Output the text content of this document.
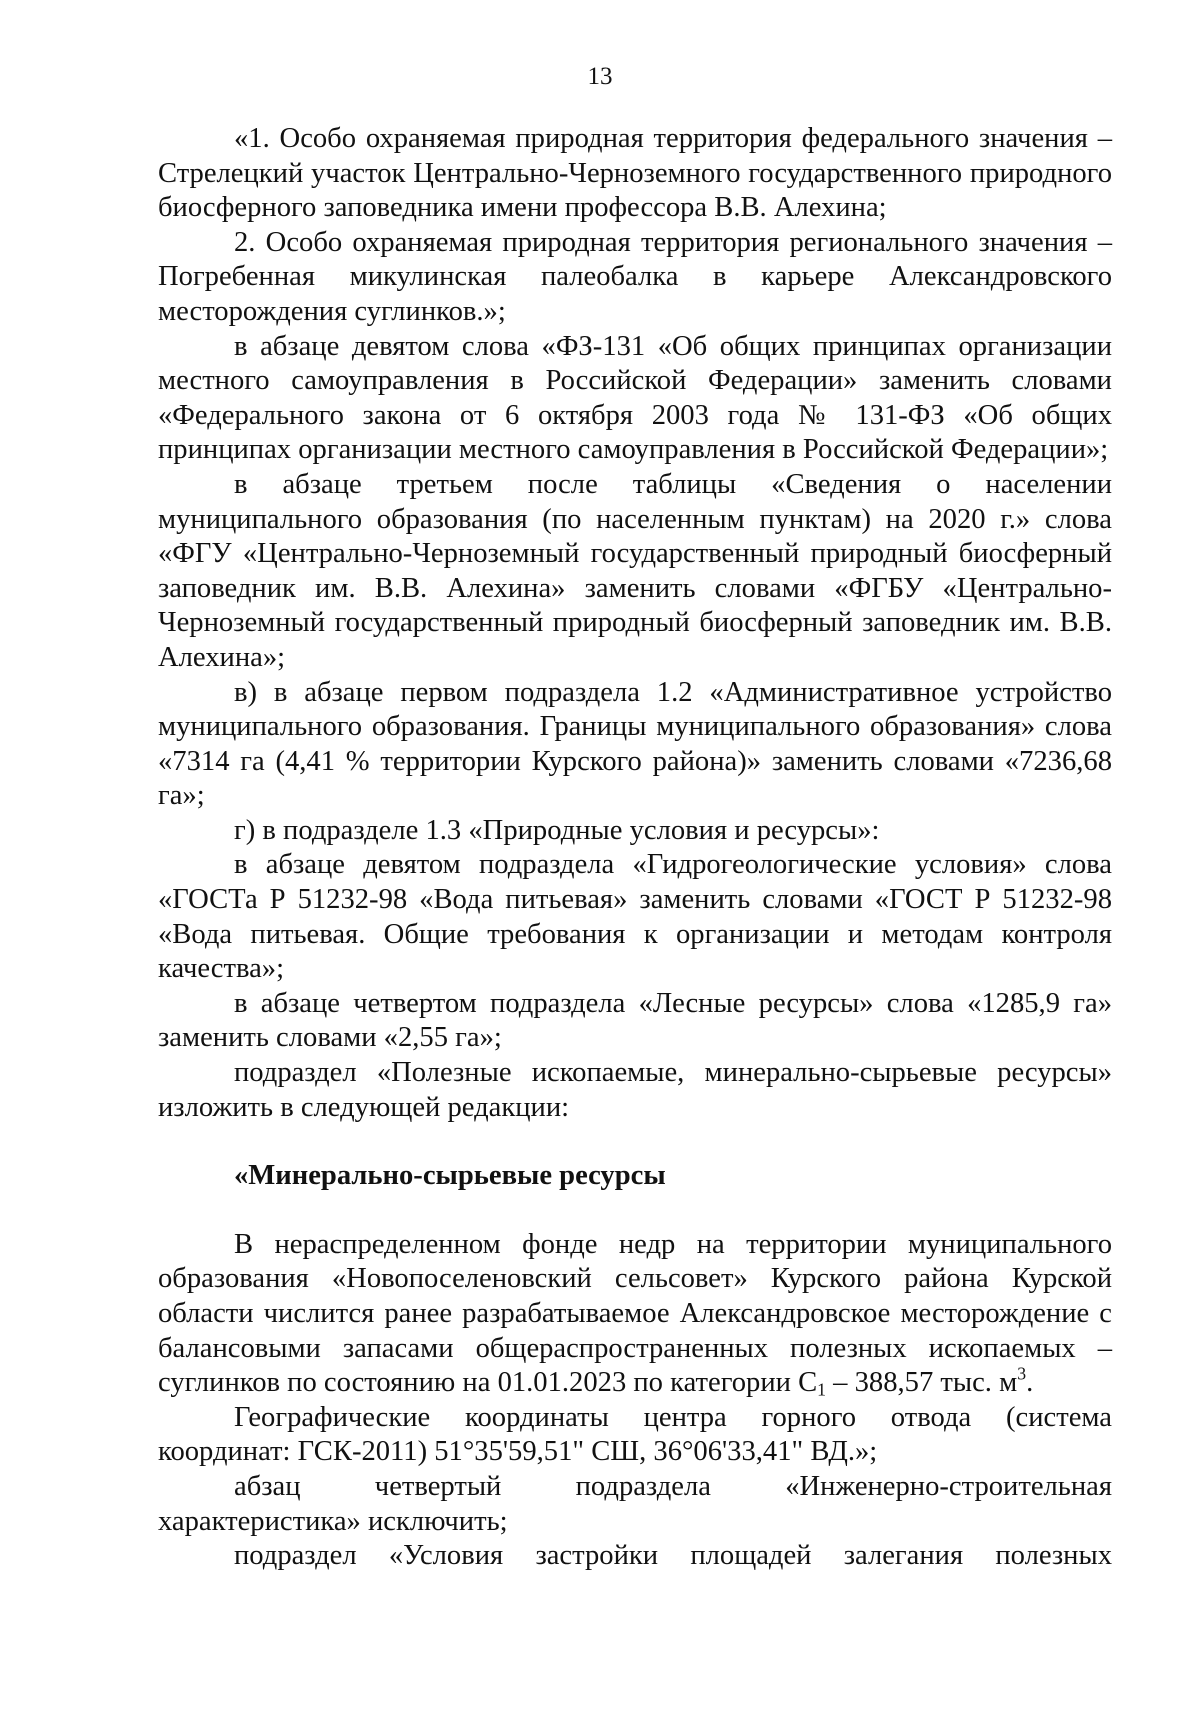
13

«1. Особо охраняемая природная территория федерального значения – Стрелецкий участок Центрально-Черноземного государственного природного биосферного заповедника имени профессора В.В. Алехина;

2. Особо охраняемая природная территория регионального значения – Погребенная микулинская палеобалка в карьере Александровского месторождения суглинков.»;

в абзаце девятом слова «ФЗ-131 «Об общих принципах организации местного самоуправления в Российской Федерации» заменить словами «Федерального закона от 6 октября 2003 года № 131-ФЗ «Об общих принципах организации местного самоуправления в Российской Федерации»;

в абзаце третьем после таблицы «Сведения о населении муниципального образования (по населенным пунктам) на 2020 г.» слова «ФГУ «Центрально-Черноземный государственный природный биосферный заповедник им. В.В. Алехина» заменить словами «ФГБУ «Центрально-Черноземный государственный природный биосферный заповедник им. В.В. Алехина»;

в) в абзаце первом подраздела 1.2 «Административное устройство муниципального образования. Границы муниципального образования» слова «7314 га (4,41 % территории Курского района)» заменить словами «7236,68 га»;

г) в подразделе 1.3 «Природные условия и ресурсы»:

в абзаце девятом подраздела «Гидрогеологические условия» слова «ГОСТа Р 51232-98 «Вода питьевая» заменить словами «ГОСТ Р 51232-98 «Вода питьевая. Общие требования к организации и методам контроля качества»;

в абзаце четвертом подраздела «Лесные ресурсы» слова «1285,9 га» заменить словами «2,55 га»;

подраздел «Полезные ископаемые, минерально-сырьевые ресурсы» изложить в следующей редакции:

«Минерально-сырьевые ресурсы

В нераспределенном фонде недр на территории муниципального образования «Новопоселеновский сельсовет» Курского района Курской области числится ранее разрабатываемое Александровское месторождение с балансовыми запасами общераспространенных полезных ископаемых – суглинков по состоянию на 01.01.2023 по категории $С_1 - 388,57$ тыс. $м^3$.

Географические координаты центра горного отвода (система координат: ГСК-2011) 51°35'59,51" СШ, 36°06'33,41" ВД.»;

абзац четвертый подраздела «Инженерно-строительная характеристика» исключить;

подраздел «Условия застройки площадей залегания полезных
